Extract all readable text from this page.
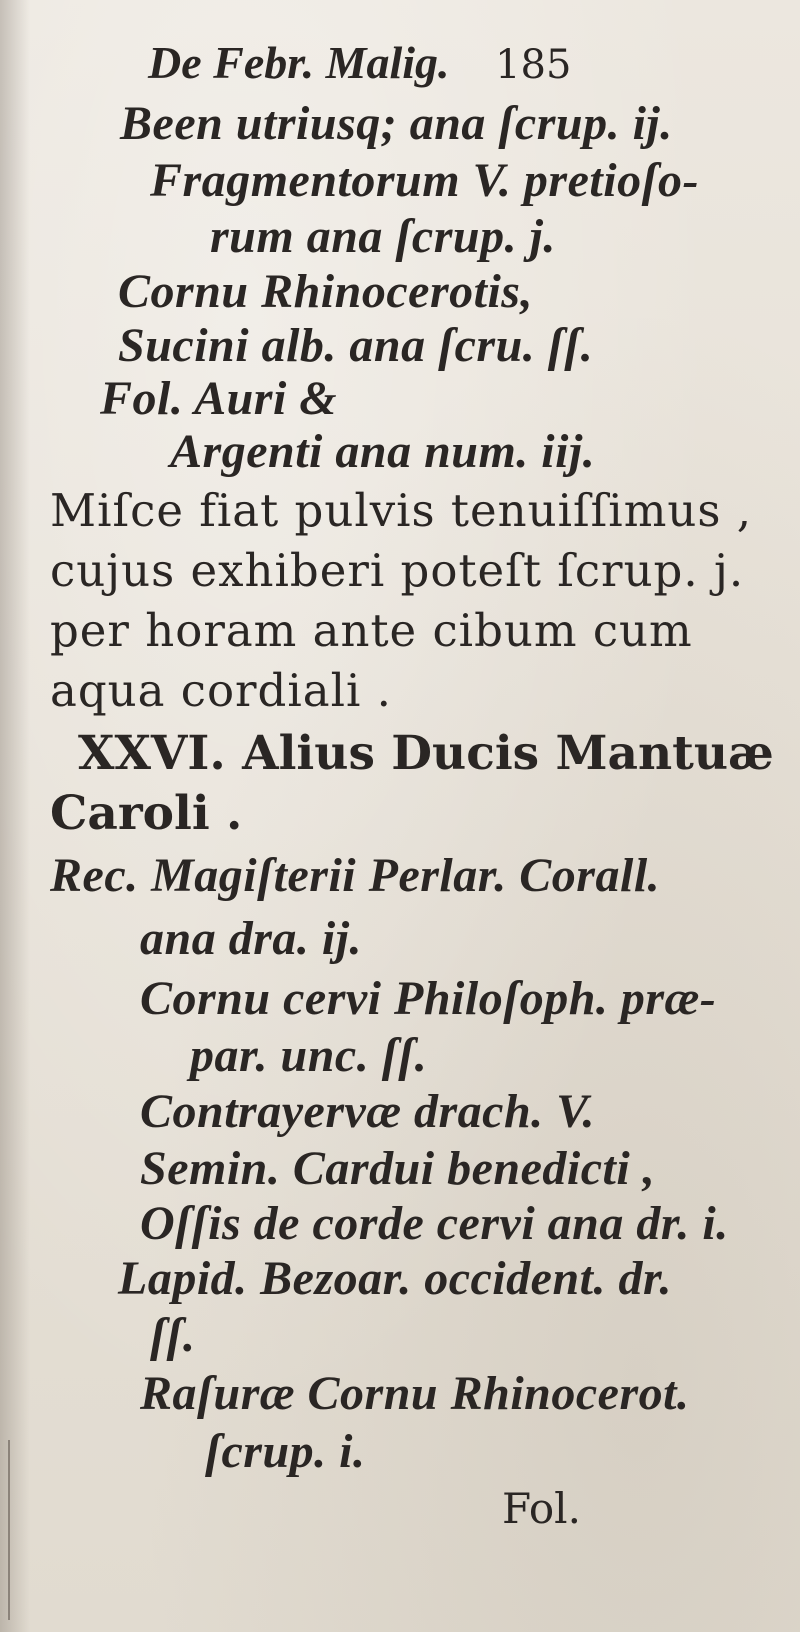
De Febr. Malig. 185
Been utriusq; ana ſcrup. ij.
Fragmentorum V. pretioſo-
rum ana ſcrup. j.
Cornu Rhinocerotis,
Sucini alb. ana ſcru. ſſ.
Fol. Auri &
Argenti ana num. iij.
Miſce fiat pulvis tenuiſſimus ,
cujus exhiberi poteſt ſcrup. j.
per horam ante cibum cum
aqua cordiali .
XXVI. Alius Ducis Mantuæ
Caroli .
Rec. Magiſterii Perlar. Corall.
ana dra. ij.
Cornu cervi Philoſoph. præ-
par. unc. ſſ.
Contrayervæ drach. V.
Semin. Cardui benedicti ,
Oſſis de corde cervi ana dr. i.
Lapid. Bezoar. occident. dr.
ſſ.
Raſuræ Cornu Rhinocerot.
ſcrup. i.
Fol.
